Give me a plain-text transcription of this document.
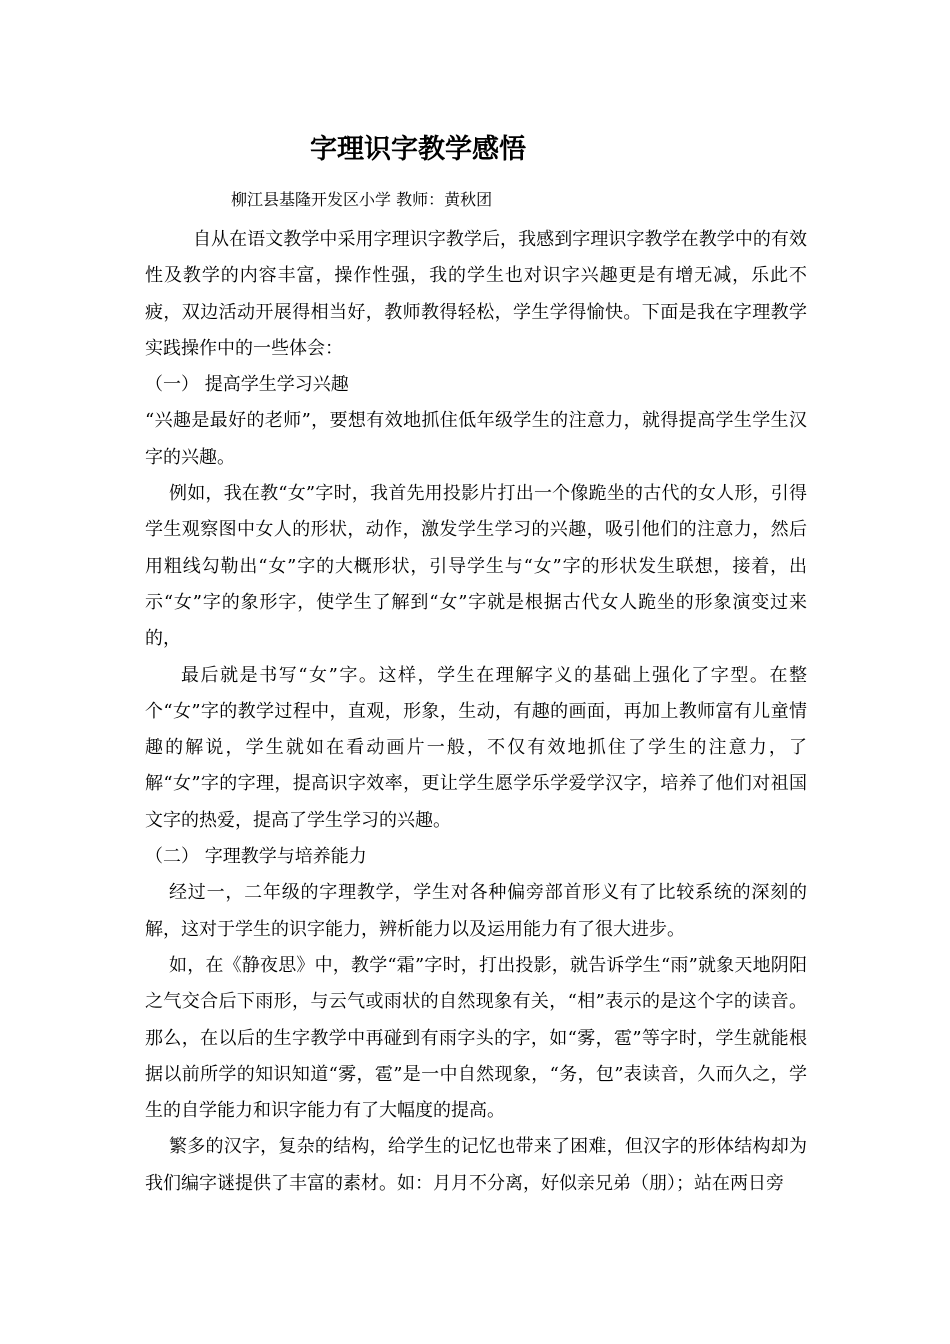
字理识字教学感悟

柳江县基隆开发区小学 教师：黄秋团

自从在语文教学中采用字理识字教学后，我感到字理识字教学在教学中的有效性及教学的内容丰富，操作性强，我的学生也对识字兴趣更是有增无减，乐此不疲，双边活动开展得相当好，教师教得轻松，学生学得愉快。下面是我在字理教学实践操作中的一些体会：

（一） 提高学生学习兴趣

“兴趣是最好的老师”，要想有效地抓住低年级学生的注意力，就得提高学生学生汉字的兴趣。

例如，我在教“女”字时，我首先用投影片打出一个像跪坐的古代的女人形，引得学生观察图中女人的形状，动作，激发学生学习的兴趣，吸引他们的注意力，然后用粗线勾勒出“女”字的大概形状，引导学生与“女”字的形状发生联想，接着，出示“女”字的象形字，使学生了解到“女”字就是根据古代女人跪坐的形象演变过来的，

最后就是书写“女”字。这样，学生在理解字义的基础上强化了字型。在整个“女”字的教学过程中，直观，形象，生动，有趣的画面，再加上教师富有儿童情趣的解说，学生就如在看动画片一般，不仅有效地抓住了学生的注意力，了解“女”字的字理，提高识字效率，更让学生愿学乐学爱学汉字，培养了他们对祖国文字的热爱，提高了学生学习的兴趣。

（二） 字理教学与培养能力

经过一，二年级的字理教学，学生对各种偏旁部首形义有了比较系统的深刻的解，这对于学生的识字能力，辨析能力以及运用能力有了很大进步。

如，在《静夜思》中，教学“霜”字时，打出投影，就告诉学生“雨”就象天地阴阳之气交合后下雨形，与云气或雨状的自然现象有关，“相”表示的是这个字的读音。那么，在以后的生字教学中再碰到有雨字头的字，如“雾，雹”等字时，学生就能根据以前所学的知识知道“雾，雹”是一中自然现象，“务，包”表读音，久而久之，学生的自学能力和识字能力有了大幅度的提高。

繁多的汉字，复杂的结构，给学生的记忆也带来了困难，但汉字的形体结构却为我们编字谜提供了丰富的素材。如：月月不分离，好似亲兄弟（朋）；站在两日旁
